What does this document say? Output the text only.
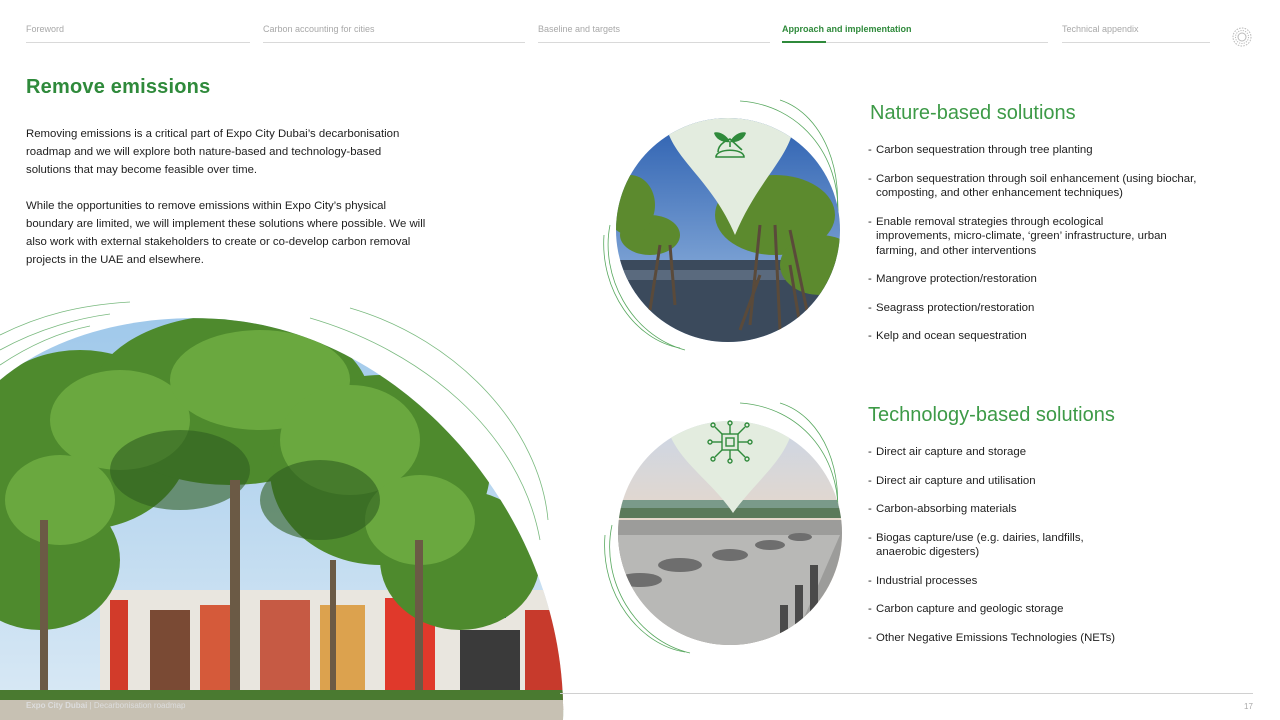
Foreword	Carbon accounting for cities	Baseline and targets	Approach and implementation	Technical appendix
Remove emissions

Removing emissions is a critical part of Expo City Dubai’s decarbonisation roadmap and we will explore both nature-based and technology-based solutions that may become feasible over time.

While the opportunities to remove emissions within Expo City’s physical boundary are limited, we will implement these solutions where possible. We will also work with external stakeholders to create or co-develop carbon removal projects in the UAE and elsewhere.

Nature-based solutions
- Carbon sequestration through tree planting
- Carbon sequestration through soil enhancement (using biochar, composting, and other enhancement techniques)
- Enable removal strategies through ecological improvements, micro-climate, ‘green’ infrastructure, urban farming, and other interventions
- Mangrove protection/restoration
- Seagrass protection/restoration
- Kelp and ocean sequestration
Technology-based solutions
- Direct air capture and storage
- Direct air capture and utilisation
- Carbon-absorbing materials
- Biogas capture/use (e.g. dairies, landfills, anaerobic digesters)
- Industrial processes
- Carbon capture and geologic storage
- Other Negative Emissions Technologies (NETs)
Expo City Dubai | Decarbonisation roadmap	17
